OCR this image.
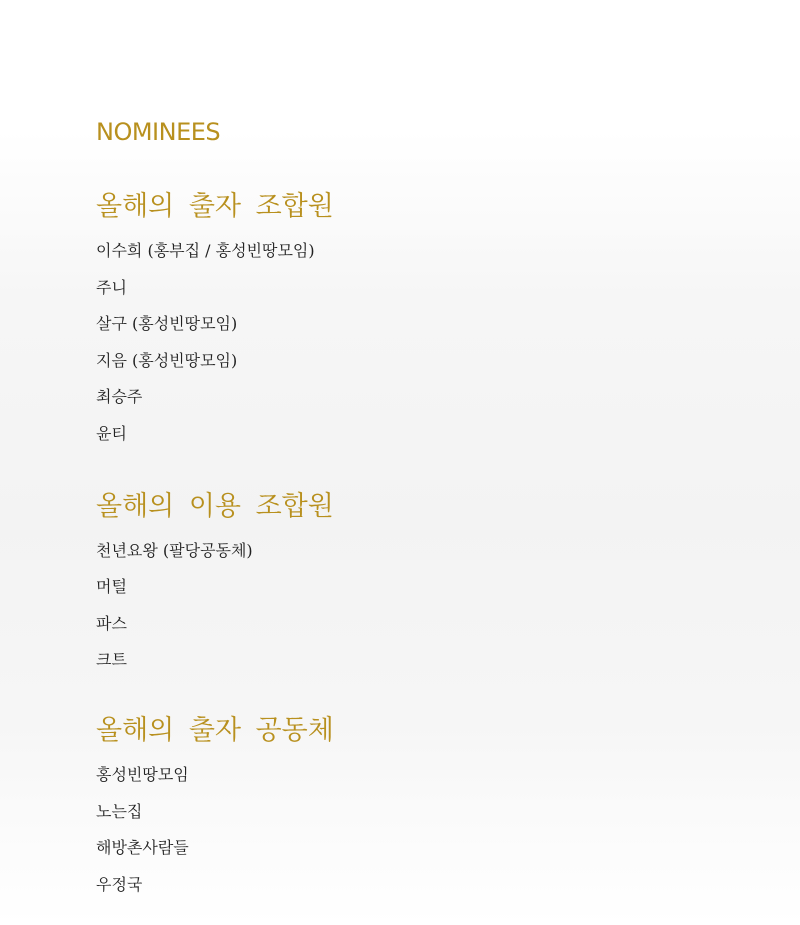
NOMINEES
올해의 출자 조합원
이수희 (홍부집 / 홍성빈땅모임)
주니
살구 (홍성빈땅모임)
지음 (홍성빈땅모임)
최승주
윤티
올해의 이용 조합원
천년요왕 (팔당공동체)
머털
파스
크트
올해의 출자 공동체
홍성빈땅모임
노는집
해방촌사람들
우정국
